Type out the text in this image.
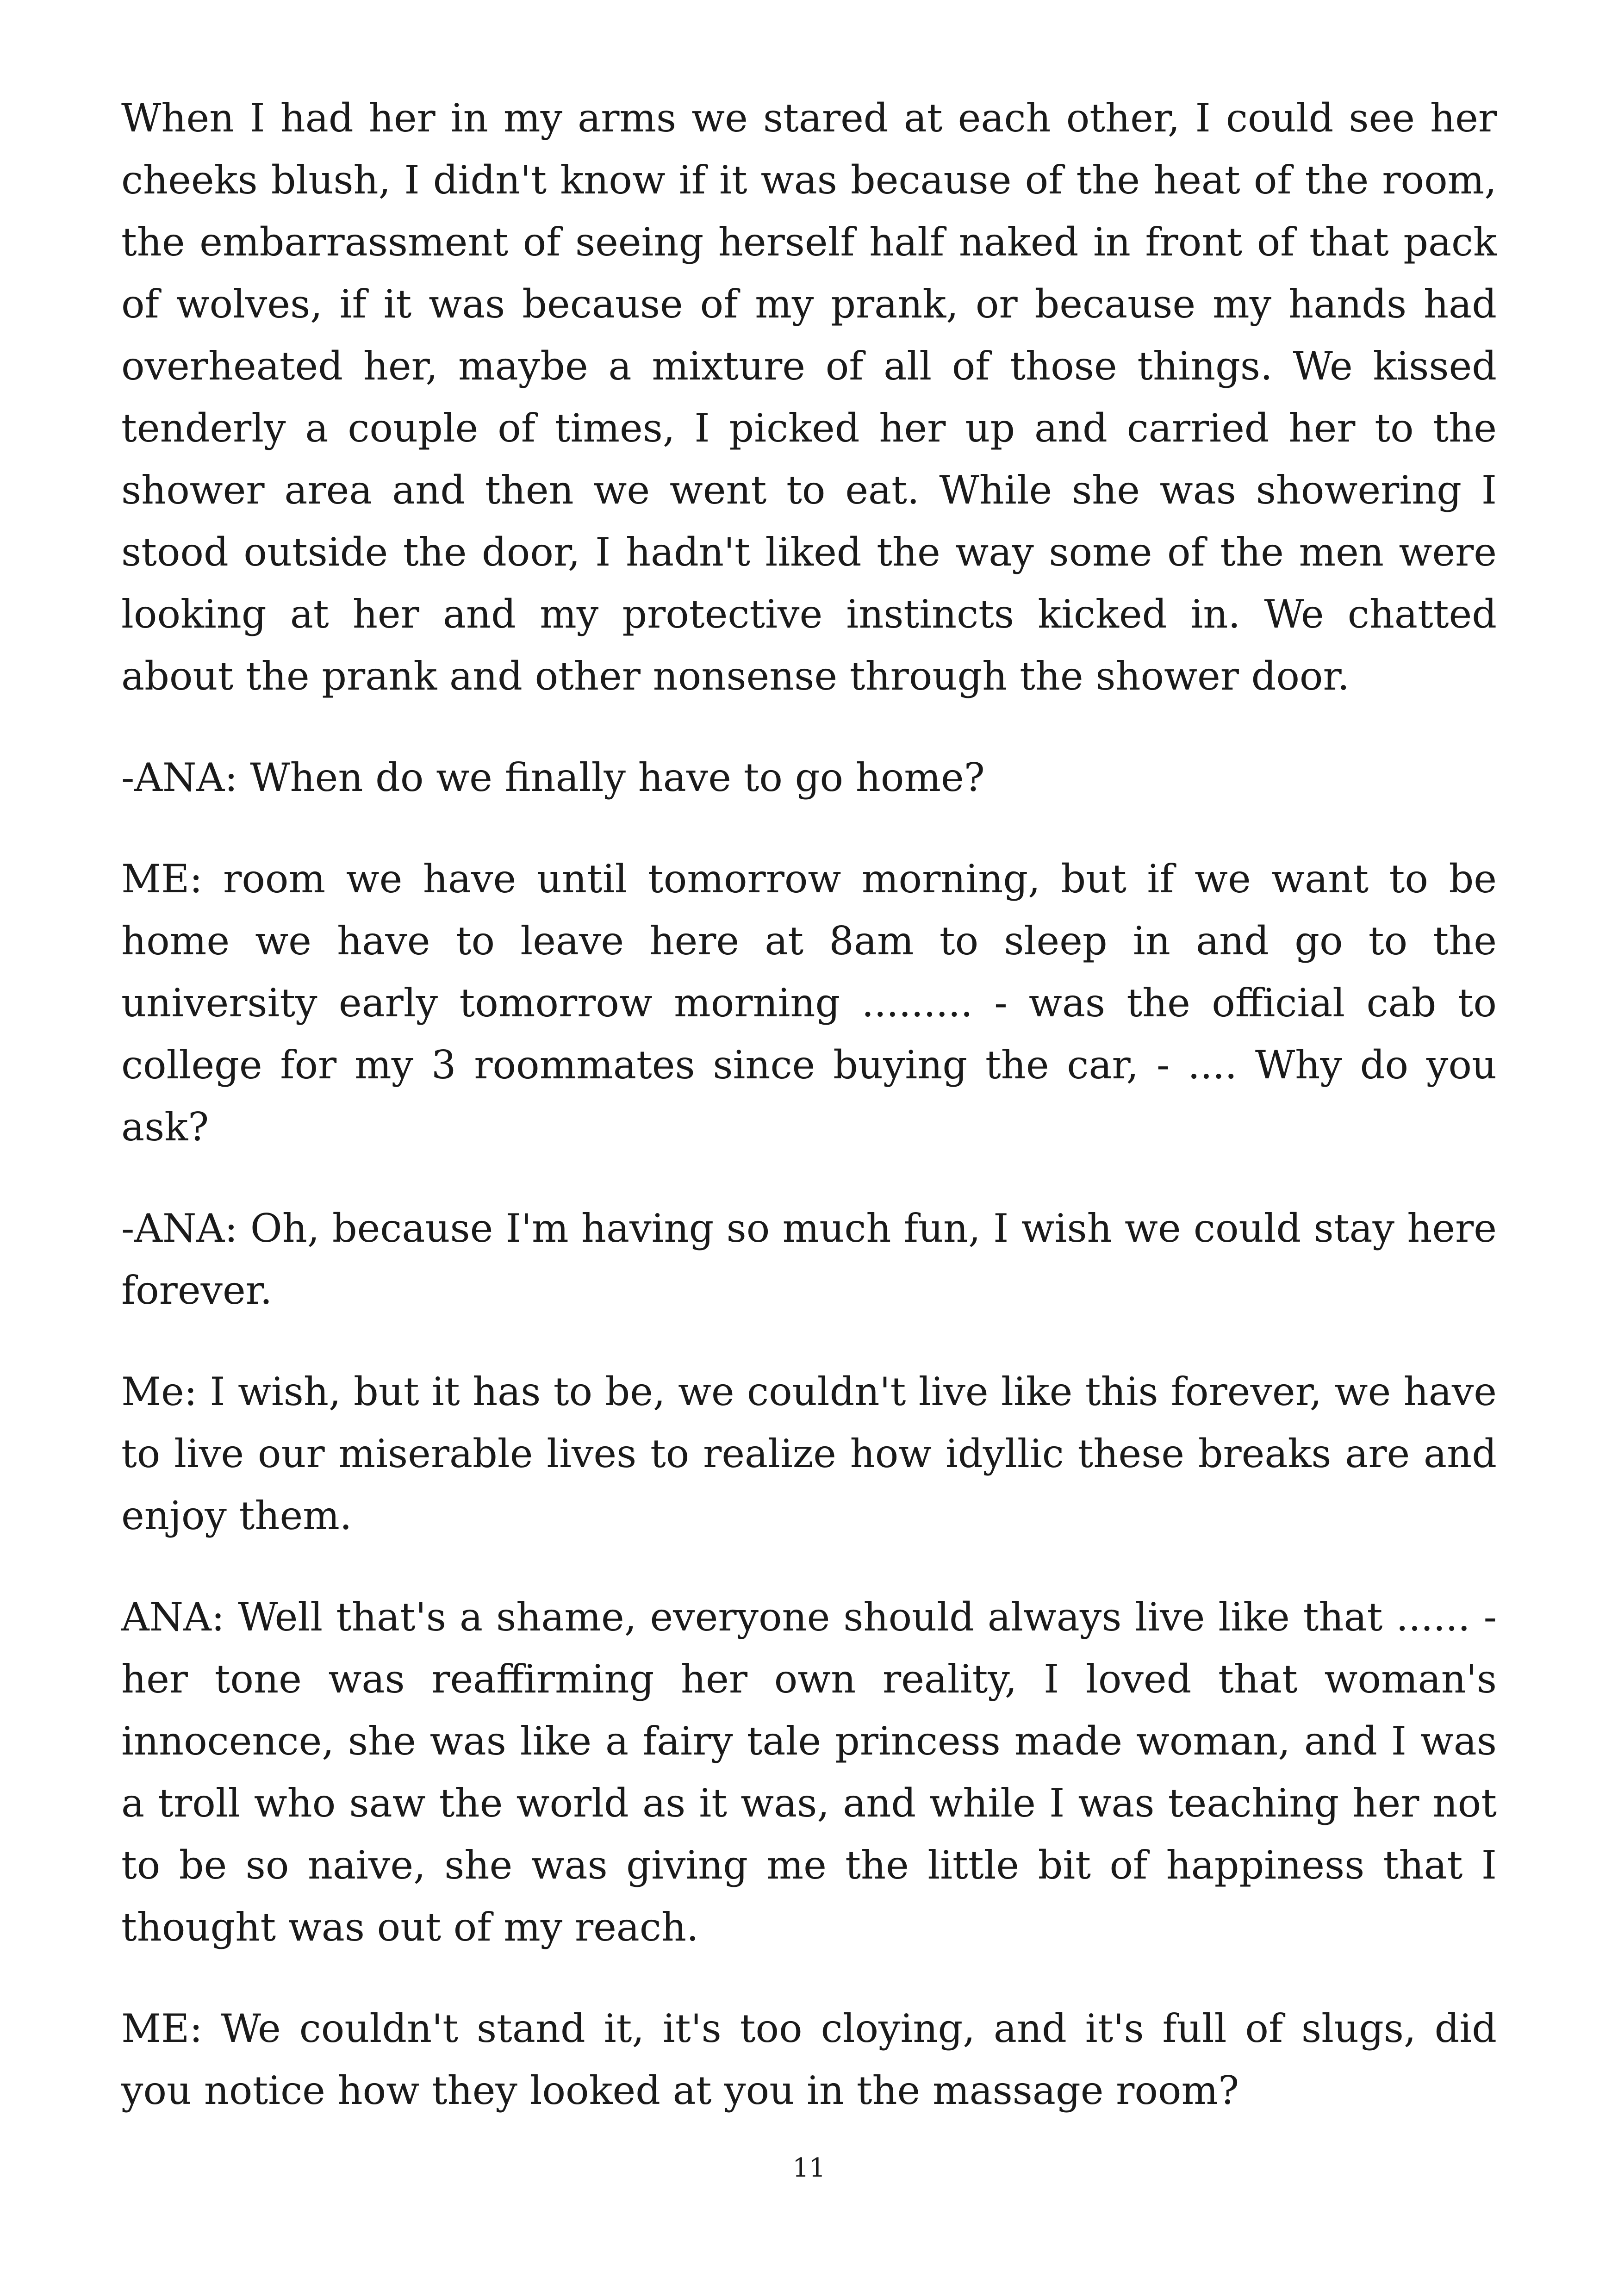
When I had her in my arms we stared at each other, I could see her cheeks blush, I didn't know if it was because of the heat of the room, the embarrassment of seeing herself half naked in front of that pack of wolves, if it was because of my prank, or because my hands had overheated her, maybe a mixture of all of those things. We kissed tenderly a couple of times, I picked her up and carried her to the shower area and then we went to eat. While she was showering I stood outside the door, I hadn't liked the way some of the men were looking at her and my protective instincts kicked in. We chatted about the prank and other nonsense through the shower door.

-ANA: When do we finally have to go home?

ME: room we have until tomorrow morning, but if we want to be home we have to leave here at 8am to sleep in and go to the university early tomorrow morning ......... - was the official cab to college for my 3 roommates since buying the car, - .... Why do you ask?

-ANA: Oh, because I'm having so much fun, I wish we could stay here forever.

Me: I wish, but it has to be, we couldn't live like this forever, we have to live our miserable lives to realize how idyllic these breaks are and enjoy them.

ANA: Well that's a shame, everyone should always live like that ...... - her tone was reaffirming her own reality, I loved that woman's innocence, she was like a fairy tale princess made woman, and I was a troll who saw the world as it was, and while I was teaching her not to be so naive, she was giving me the little bit of happiness that I thought was out of my reach.

ME: We couldn't stand it, it's too cloying, and it's full of slugs, did you notice how they looked at you in the massage room?

11
